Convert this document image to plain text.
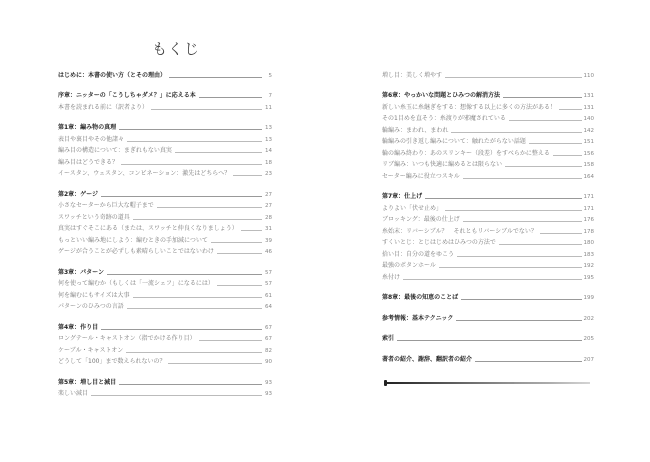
もくじ
はじめに：本書の使い方（とその理由）	5
序章：ニッターの「こうしちゃダメ？」に応える本	7
本書を読まれる前に（訳者より）	11
第1章：編み物の真理	13
表目や裏目やその他諸々	13
編み目の構造について：まぎれもない真実	14
編み目はどうできる？	18
イースタン、ウェスタン、コンビネーション：激先はどちらへ？	23
第2章：ゲージ	27
小さなセーターから巨大な帽子まで	27
スワッチという奇跡の道具	28
真実はすぐそこにある（または、スワッチと仲良くなりましょう）	31
もっといい編み地にしよう：編むときの手加減について	39
ゲージが合うことが必ずしも素晴らしいことではないわけ	46
第3章：パターン	57
何を使って編むか（もしくは「一流シェフ」になるには）	57
何を編むにもサイズは大事	61
パターンのひみつの言語	64
第4章：作り目	67
ロングテール・キャストオン（指でかける作り目）	67
ケーブル・キャストオン	82
どうして「100」まで数えられないの？	90
第5章：増し目と減目	93
楽しい減目	93
増し目：美しく増やす	110
第6章：やっかいな問題とひみつの解消方法	131
新しい糸玉に糸継ぎをする：想像する以上に多くの方法がある！	131
その1目めを直そう：糸渡りが邪魔されている	140
輪編み：まわれ、まわれ	142
輪編みの引き返し編みについて：触れたがらない話題	151
輪の編み終わり：あのスリンキー（段差）をすべらかに整える	156
リブ編み：いつも快適に編めるとは限らない	158
セーター編みに役立つスキル	164
第7章：仕上げ	171
よりよい「伏せ止め」	171
ブロッキング：最後の仕上げ	176
糸始末：リバーシブル？　それともリバーシブルでない？	178
すくいとじ：とじはじめはひみつの方法で	180
拾い目：自分の道をゆこう	183
最強のボタンホール	192
糸付け	195
第8章：最後の知恵のことば	199
参考情報：基本テクニック	202
索引	205
著者の紹介、謝辞、翻訳者の紹介	207
